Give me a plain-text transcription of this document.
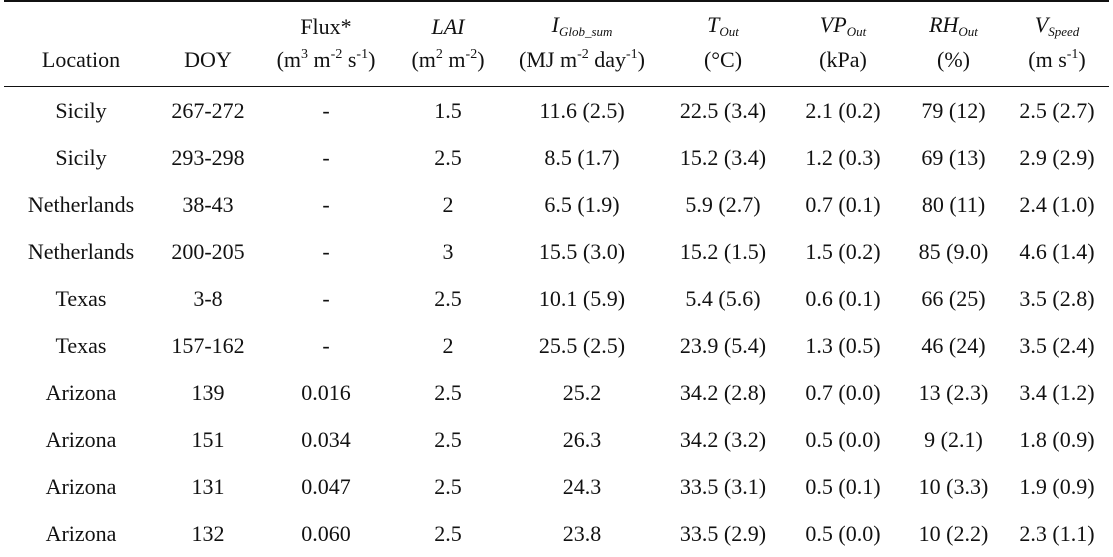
		Flux*	LAI	$I_{Glob\_sum}$	$T_{Out}$	$VP_{Out}$	$RH_{Out}$	$V_{Speed}$
Location	DOY	($m^3$ $m^{-2}$ $s^{-1}$)	($m^2$ $m^{-2}$)	(MJ $m^{-2}$ day$^{-1}$)	(°C)	(kPa)	(%)	(m $s^{-1}$)
Sicily	267-272	-	1.5	11.6 (2.5)	22.5 (3.4)	2.1 (0.2)	79 (12)	2.5 (2.7)
Sicily	293-298	-	2.5	8.5 (1.7)	15.2 (3.4)	1.2 (0.3)	69 (13)	2.9 (2.9)
Netherlands	38-43	-	2	6.5 (1.9)	5.9 (2.7)	0.7 (0.1)	80 (11)	2.4 (1.0)
Netherlands	200-205	-	3	15.5 (3.0)	15.2 (1.5)	1.5 (0.2)	85 (9.0)	4.6 (1.4)
Texas	3-8	-	2.5	10.1 (5.9)	5.4 (5.6)	0.6 (0.1)	66 (25)	3.5 (2.8)
Texas	157-162	-	2	25.5 (2.5)	23.9 (5.4)	1.3 (0.5)	46 (24)	3.5 (2.4)
Arizona	139	0.016	2.5	25.2	34.2 (2.8)	0.7 (0.0)	13 (2.3)	3.4 (1.2)
Arizona	151	0.034	2.5	26.3	34.2 (3.2)	0.5 (0.0)	9 (2.1)	1.8 (0.9)
Arizona	131	0.047	2.5	24.3	33.5 (3.1)	0.5 (0.1)	10 (3.3)	1.9 (0.9)
Arizona	132	0.060	2.5	23.8	33.5 (2.9)	0.5 (0.0)	10 (2.2)	2.3 (1.1)
